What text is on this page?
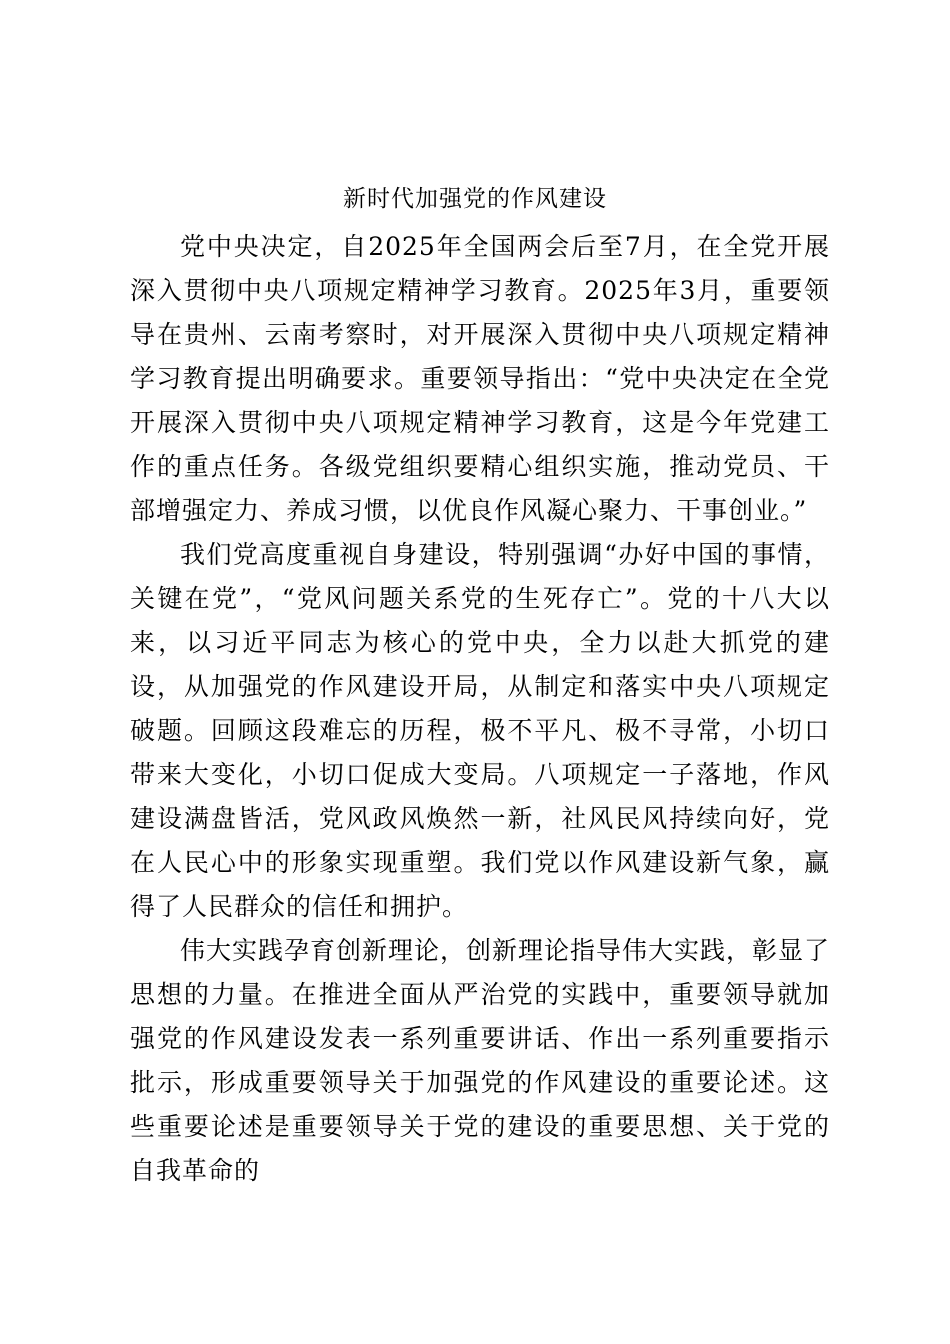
新时代加强党的作风建设

党中央决定，自2025年全国两会后至7月，在全党开展深入贯彻中央八项规定精神学习教育。2025年3月，重要领导在贵州、云南考察时，对开展深入贯彻中央八项规定精神学习教育提出明确要求。重要领导指出：“党中央决定在全党开展深入贯彻中央八项规定精神学习教育，这是今年党建工作的重点任务。各级党组织要精心组织实施，推动党员、干部增强定力、养成习惯，以优良作风凝心聚力、干事创业。”

我们党高度重视自身建设，特别强调“办好中国的事情，关键在党”，“党风问题关系党的生死存亡”。党的十八大以来，以习近平同志为核心的党中央，全力以赴大抓党的建设，从加强党的作风建设开局，从制定和落实中央八项规定破题。回顾这段难忘的历程，极不平凡、极不寻常，小切口带来大变化，小切口促成大变局。八项规定一子落地，作风建设满盘皆活，党风政风焕然一新，社风民风持续向好，党在人民心中的形象实现重塑。我们党以作风建设新气象，赢得了人民群众的信任和拥护。

伟大实践孕育创新理论，创新理论指导伟大实践，彰显了思想的力量。在推进全面从严治党的实践中，重要领导就加强党的作风建设发表一系列重要讲话、作出一系列重要指示批示，形成重要领导关于加强党的作风建设的重要论述。这些重要论述是重要领导关于党的建设的重要思想、关于党的自我革命的
